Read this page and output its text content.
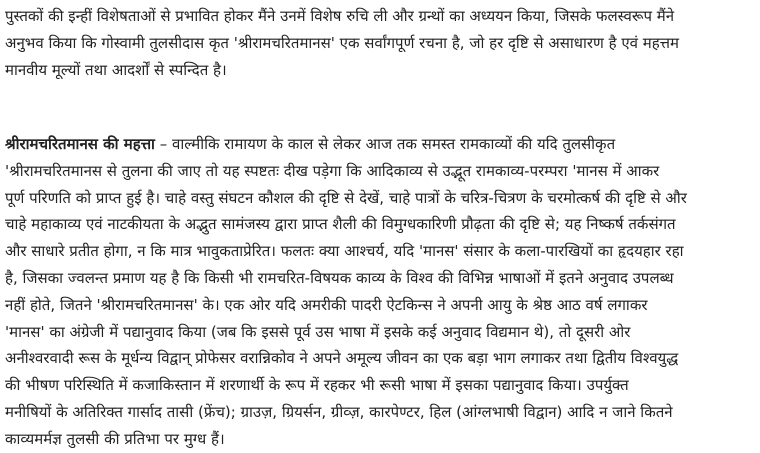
पुस्तकों की इन्हीं विशेषताओं से प्रभावित होकर मैंने उनमें विशेष रुचि ली और ग्रन्थों का अध्ययन किया, जिसके फलस्वरूप मैंने
अनुभव किया कि गोस्वामी तुलसीदास कृत 'श्रीरामचरितमानस' एक सर्वांगपूर्ण रचना है, जो हर दृष्टि से असाधारण है एवं महत्तम
मानवीय मूल्यों तथा आदर्शों से स्पन्दित है।
श्रीरामचरितमानस की महत्ता – वाल्मीकि रामायण के काल से लेकर आज तक समस्त रामकाव्यों की यदि तुलसीकृत
'श्रीरामचरितमानस से तुलना की जाए तो यह स्पष्टतः दीख पड़ेगा कि आदिकाव्य से उद्भूत रामकाव्य-परम्परा 'मानस में आकर
पूर्ण परिणति को प्राप्त हुई है। चाहे वस्तु संघटन कौशल की दृष्टि से देखें, चाहे पात्रों के चरित्र-चित्रण के चरमोत्कर्ष की दृष्टि से और
चाहे महाकाव्य एवं नाटकीयता के अद्भुत सामंजस्य द्वारा प्राप्त शैली की विमुग्धकारिणी प्रौढ़ता की दृष्टि से; यह निष्कर्ष तर्कसंगत
और साधारे प्रतीत होगा, न कि मात्र भावुकताप्रेरित। फलतः क्या आश्चर्य, यदि 'मानस' संसार के कला-पारखियों का हृदयहार रहा
है, जिसका ज्वलन्त प्रमाण यह है कि किसी भी रामचरित-विषयक काव्य के विश्व की विभिन्न भाषाओं में इतने अनुवाद उपलब्ध
नहीं होते, जितने 'श्रीरामचरितमानस' के। एक ओर यदि अमरीकी पादरी ऐटकिन्स ने अपनी आयु के श्रेष्ठ आठ वर्ष लगाकर
'मानस' का अंग्रेजी में पद्यानुवाद किया (जब कि इससे पूर्व उस भाषा में इसके कई अनुवाद विद्यमान थे), तो दूसरी ओर
अनीश्वरवादी रूस के मूर्धन्य विद्वान् प्रोफेसर वरान्निकोव ने अपने अमूल्य जीवन का एक बड़ा भाग लगाकर तथा द्वितीय विश्वयुद्ध
की भीषण परिस्थिति में कजाकिस्तान में शरणार्थी के रूप में रहकर भी रूसी भाषा में इसका पद्यानुवाद किया। उपर्युक्त
मनीषियों के अतिरिक्त गार्साद तासी (फ्रेंच); ग्राउज़, ग्रियर्सन, ग्रीव्ज़, कारपेण्टर, हिल (आंग्लभाषी विद्वान) आदि न जाने कितने
काव्यमर्मज्ञ तुलसी की प्रतिभा पर मुग्ध हैं।
